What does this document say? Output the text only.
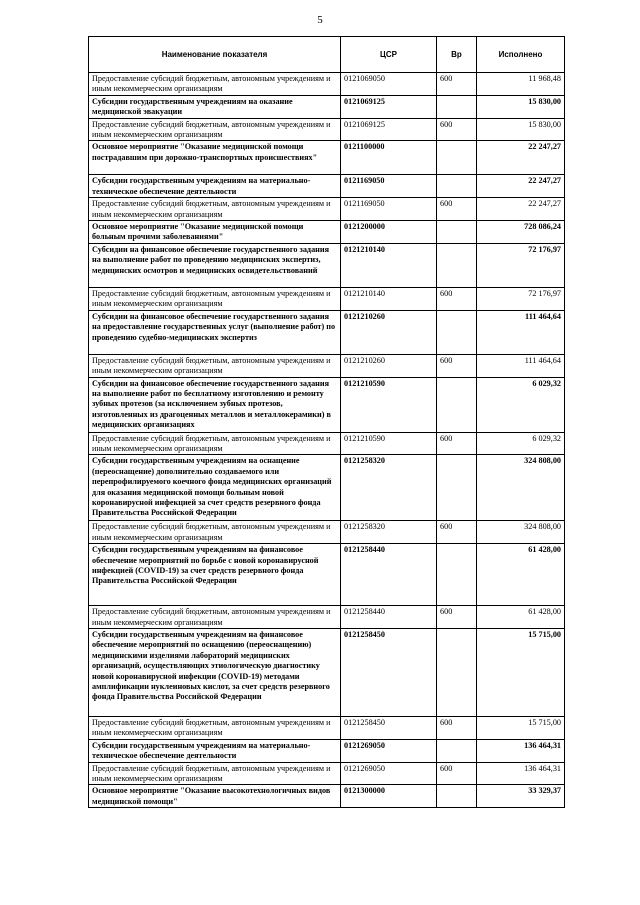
5
Наименование показателя	ЦСР	Вр	Исполнено
Предоставление субсидий бюджетным, автономным учреждениям и иным некоммерческим организациям	0121069050	600	11 968,48
Субсидии государственным учреждениям на оказание медицинской эвакуации	0121069125		15 830,00
Предоставление субсидий бюджетным, автономным учреждениям и иным некоммерческим организациям	0121069125	600	15 830,00
Основное мероприятие "Оказание медицинской помощи пострадавшим при дорожно-транспортных происшествиях"	0121100000		22 247,27
Субсидии государственным учреждениям на материально-техническое обеспечение деятельности	0121169050		22 247,27
Предоставление субсидий бюджетным, автономным учреждениям и иным некоммерческим организациям	0121169050	600	22 247,27
Основное мероприятие "Оказание медицинской помощи больным прочими заболеваниями"	0121200000		728 086,24
Субсидии на финансовое обеспечение государственного задания на выполнение работ по проведению медицинских экспертиз, медицинских осмотров и медицинских освидетельствований	0121210140		72 176,97
Предоставление субсидий бюджетным, автономным учреждениям и иным некоммерческим организациям	0121210140	600	72 176,97
Субсидии на финансовое обеспечение государственного задания на предоставление государственных услуг (выполнение работ) по проведению судебно-медицинских экспертиз	0121210260		111 464,64
Предоставление субсидий бюджетным, автономным учреждениям и иным некоммерческим организациям	0121210260	600	111 464,64
Субсидии на финансовое обеспечение государственного задания на выполнение работ по бесплатному изготовлению и ремонту зубных протезов (за исключением зубных протезов, изготовленных из драгоценных металлов и металлокерамики) в медицинских организациях	0121210590		6 029,32
Предоставление субсидий бюджетным, автономным учреждениям и иным некоммерческим организациям	0121210590	600	6 029,32
Субсидии государственным учреждениям на оснащение (переоснащение) дополнительно создаваемого или перепрофилируемого коечного фонда медицинских организаций для оказания медицинской помощи больным новой коронавирусной инфекцией за счет средств резервного фонда Правительства Российской Федерации	0121258320		324 808,00
Предоставление субсидий бюджетным, автономным учреждениям и иным некоммерческим организациям	0121258320	600	324 808,00
Субсидии государственным учреждениям на финансовое обеспечение мероприятий по борьбе с новой коронавирусной инфекцией (COVID-19) за счет средств резервного фонда Правительства Российской Федерации	0121258440		61 428,00
Предоставление субсидий бюджетным, автономным учреждениям и иным некоммерческим организациям	0121258440	600	61 428,00
Субсидии государственным учреждениям на финансовое обеспечение мероприятий по оснащению (переоснащению) медицинскими изделиями лабораторий медицинских организаций, осуществляющих этиологическую диагностику новой коронавирусной инфекции (COVID-19) методами амплификации нуклеиновых кислот, за счет средств резервного фонда Правительства Российской Федерации	0121258450		15 715,00
Предоставление субсидий бюджетным, автономным учреждениям и иным некоммерческим организациям	0121258450	600	15 715,00
Субсидии государственным учреждениям на материально-техническое обеспечение деятельности	0121269050		136 464,31
Предоставление субсидий бюджетным, автономным учреждениям и иным некоммерческим организациям	0121269050	600	136 464,31
Основное мероприятие "Оказание высокотехнологичных видов медицинской помощи"	0121300000		33 329,37
